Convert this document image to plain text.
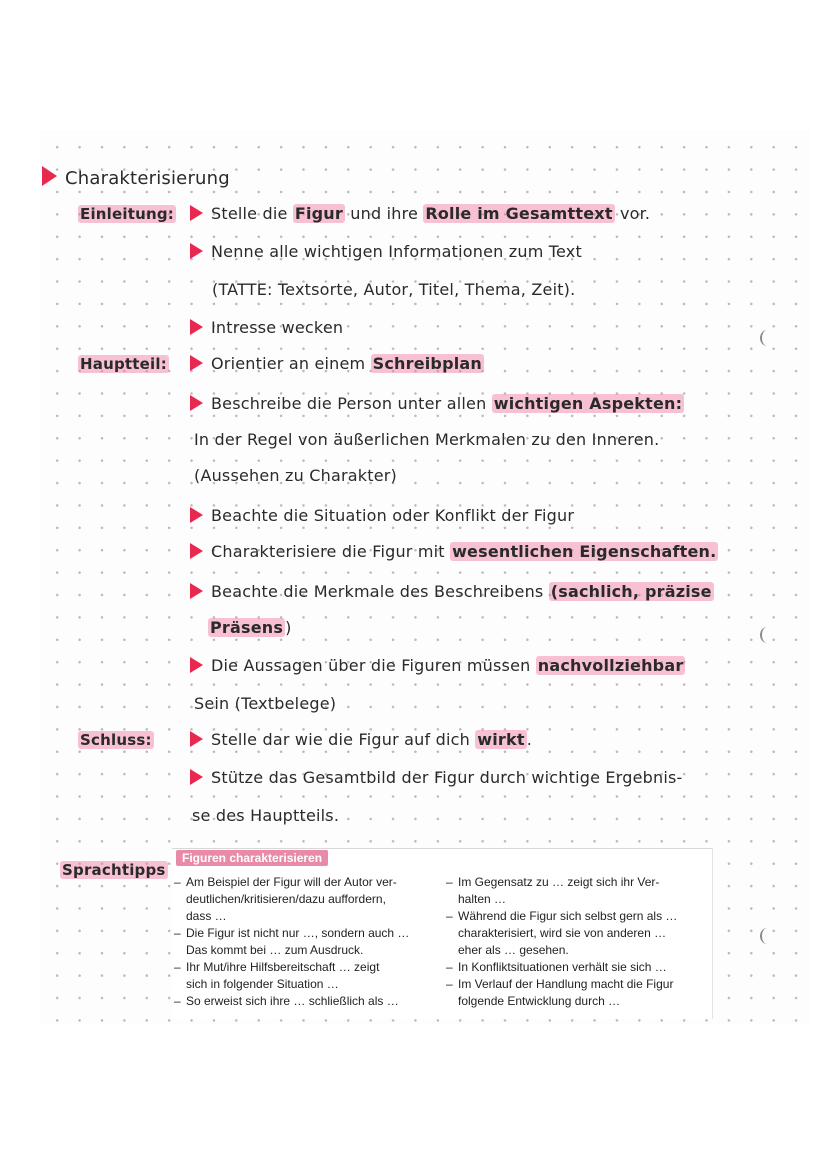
Charakterisierung
Einleitung:	Stelle die Figur und ihre Rolle im Gesamttext vor.
Nenne alle wichtigen Informationen zum Text
(TATTE: Textsorte, Autor, Titel, Thema, Zeit).
Intresse wecken
Hauptteil:	Orientier an einem Schreibplan
Beschreibe die Person unter allen wichtigen Aspekten:
In der Regel von äußerlichen Merkmalen zu den Inneren.
(Aussehen zu Charakter)
Beachte die Situation oder Konflikt der Figur
Charakterisiere die Figur mit wesentlichen Eigenschaften.
Beachte die Merkmale des Beschreibens (sachlich, präzise
Präsens )
Die Aussagen über die Figuren müssen nachvollziehbar
Sein (Textbelege)
Schluss:	Stelle dar wie die Figur auf dich wirkt .
Stütze das Gesamtbild der Figur durch wichtige Ergebnis-
se des Hauptteils.
Sprachtipps
Figuren charakterisieren
– Am Beispiel der Figur will der Autor ver-
deutlichen/kritisieren/dazu auffordern,
dass …
– Die Figur ist nicht nur …, sondern auch …
Das kommt bei … zum Ausdruck.
– Ihr Mut/ihre Hilfsbereitschaft … zeigt
sich in folgender Situation …
– So erweist sich ihre … schließlich als …
– Im Gegensatz zu … zeigt sich ihr Ver-
halten …
– Während die Figur sich selbst gern als …
charakterisiert, wird sie von anderen …
eher als … gesehen.
– In Konfliktsituationen verhält sie sich …
– Im Verlauf der Handlung macht die Figur
folgende Entwicklung durch …
